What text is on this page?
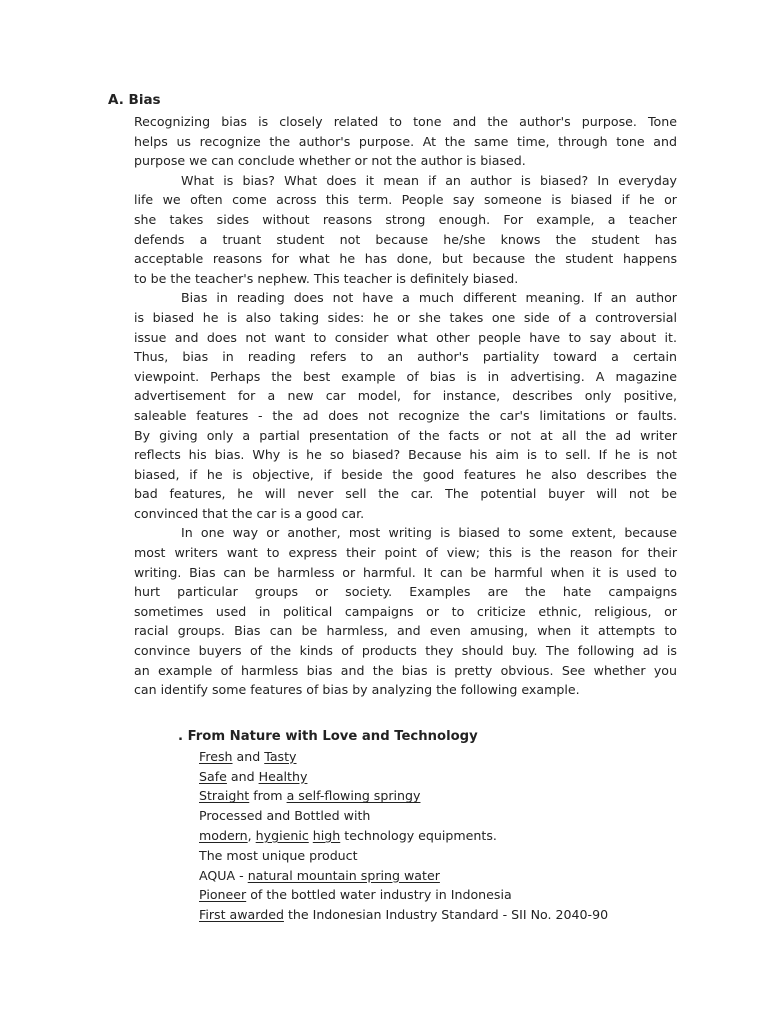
A. Bias
Recognizing bias is closely related to tone and the author's purpose. Tone
helps us recognize the author's purpose. At the same time, through tone and
purpose we can conclude whether or not the author is biased.
What is bias? What does it mean if an author is biased? In everyday
life we often come across this term. People say someone is biased if he or
she takes sides without reasons strong enough. For example, a teacher
defends a truant student not because he/she knows the student has
acceptable reasons for what he has done, but because the student happens
to be the teacher's nephew. This teacher is definitely biased.
Bias in reading does not have a much different meaning. If an author
is biased he is also taking sides: he or she takes one side of a controversial
issue and does not want to consider what other people have to say about it.
Thus, bias in reading refers to an author's partiality toward a certain
viewpoint. Perhaps the best example of bias is in advertising. A magazine
advertisement for a new car model, for instance, describes only positive,
saleable features - the ad does not recognize the car's limitations or faults.
By giving only a partial presentation of the facts or not at all the ad writer
reflects his bias. Why is he so biased? Because his aim is to sell. If he is not
biased, if he is objective, if beside the good features he also describes the
bad features, he will never sell the car. The potential buyer will not be
convinced that the car is a good car.
In one way or another, most writing is biased to some extent, because
most writers want to express their point of view; this is the reason for their
writing. Bias can be harmless or harmful. It can be harmful when it is used to
hurt particular groups or society. Examples are the hate campaigns
sometimes used in political campaigns or to criticize ethnic, religious, or
racial groups. Bias can be harmless, and even amusing, when it attempts to
convince buyers of the kinds of products they should buy. The following ad is
an example of harmless bias and the bias is pretty obvious. See whether you
can identify some features of bias by analyzing the following example.
. From Nature with Love and Technology
Fresh and Tasty
Safe and Healthy
Straight from a self-flowing springy
Processed and Bottled with
modern, hygienic high technology equipments.
The most unique product
AQUA - natural mountain spring water
Pioneer of the bottled water industry in Indonesia
First awarded the Indonesian Industry Standard - SII No. 2040-90
